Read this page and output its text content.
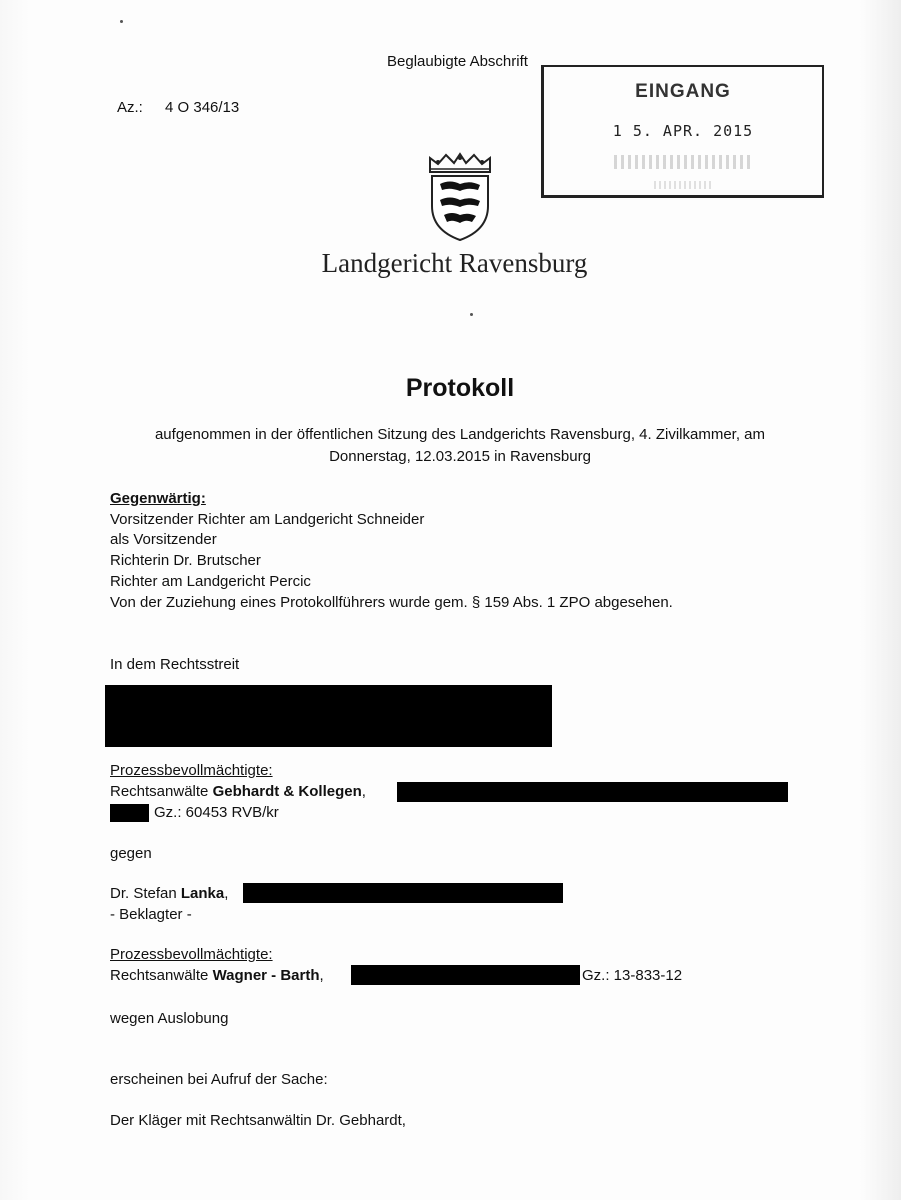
Beglaubigte Abschrift
Az.: 4 O 346/13
EINGANG
1 5. APR. 2015
Landgericht Ravensburg
Protokoll
aufgenommen in der öffentlichen Sitzung des Landgerichts Ravensburg, 4. Zivilkammer, am
Donnerstag, 12.03.2015 in Ravensburg
Gegenwärtig:
Vorsitzender Richter am Landgericht Schneider
als Vorsitzender
Richterin Dr. Brutscher
Richter am Landgericht Percic
Von der Zuziehung eines Protokollführers wurde gem. § 159 Abs. 1 ZPO abgesehen.
In dem Rechtsstreit
Prozessbevollmächtigte:
Rechtsanwälte Gebhardt & Kollegen,
Gz.: 60453 RVB/kr
gegen
Dr. Stefan Lanka,
- Beklagter -
Prozessbevollmächtigte:
Rechtsanwälte Wagner - Barth,	Gz.: 13-833-12
wegen Auslobung
erscheinen bei Aufruf der Sache:
Der Kläger mit Rechtsanwältin Dr. Gebhardt,
